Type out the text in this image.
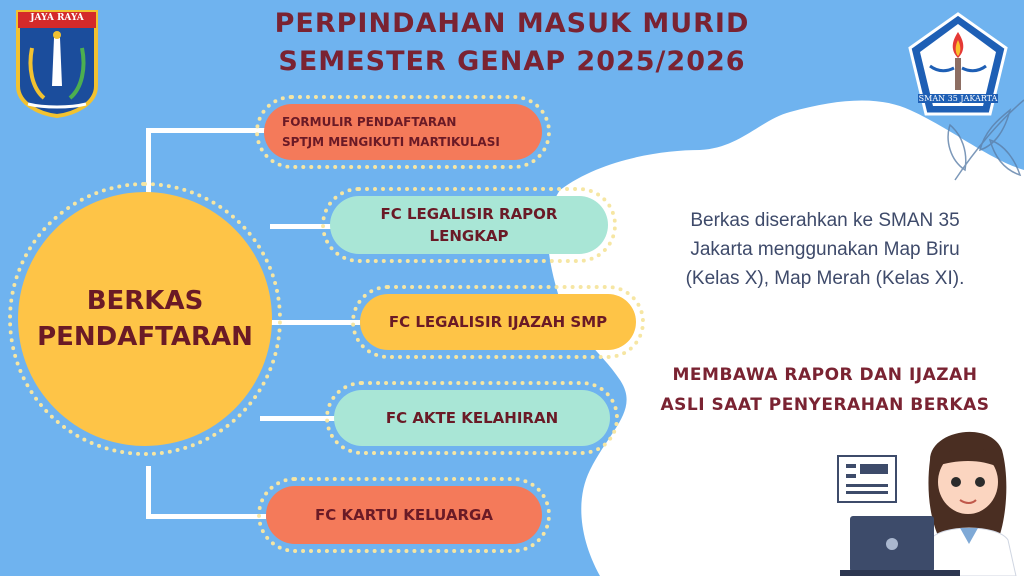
PERPINDAHAN MASUK MURID
SEMESTER GENAP 2025/2026
JAYA RAYA
SMAN 35 JAKARTA
BERKAS
PENDAFTARAN
FORMULIR PENDAFTARAN
SPTJM MENGIKUTI MARTIKULASI
FC LEGALISIR RAPOR
LENGKAP
FC LEGALISIR IJAZAH SMP
FC AKTE KELAHIRAN
FC KARTU KELUARGA
Berkas diserahkan ke SMAN 35
Jakarta menggunakan Map Biru
(Kelas X), Map Merah (Kelas XI).
MEMBAWA RAPOR DAN IJAZAH
ASLI SAAT PENYERAHAN BERKAS
